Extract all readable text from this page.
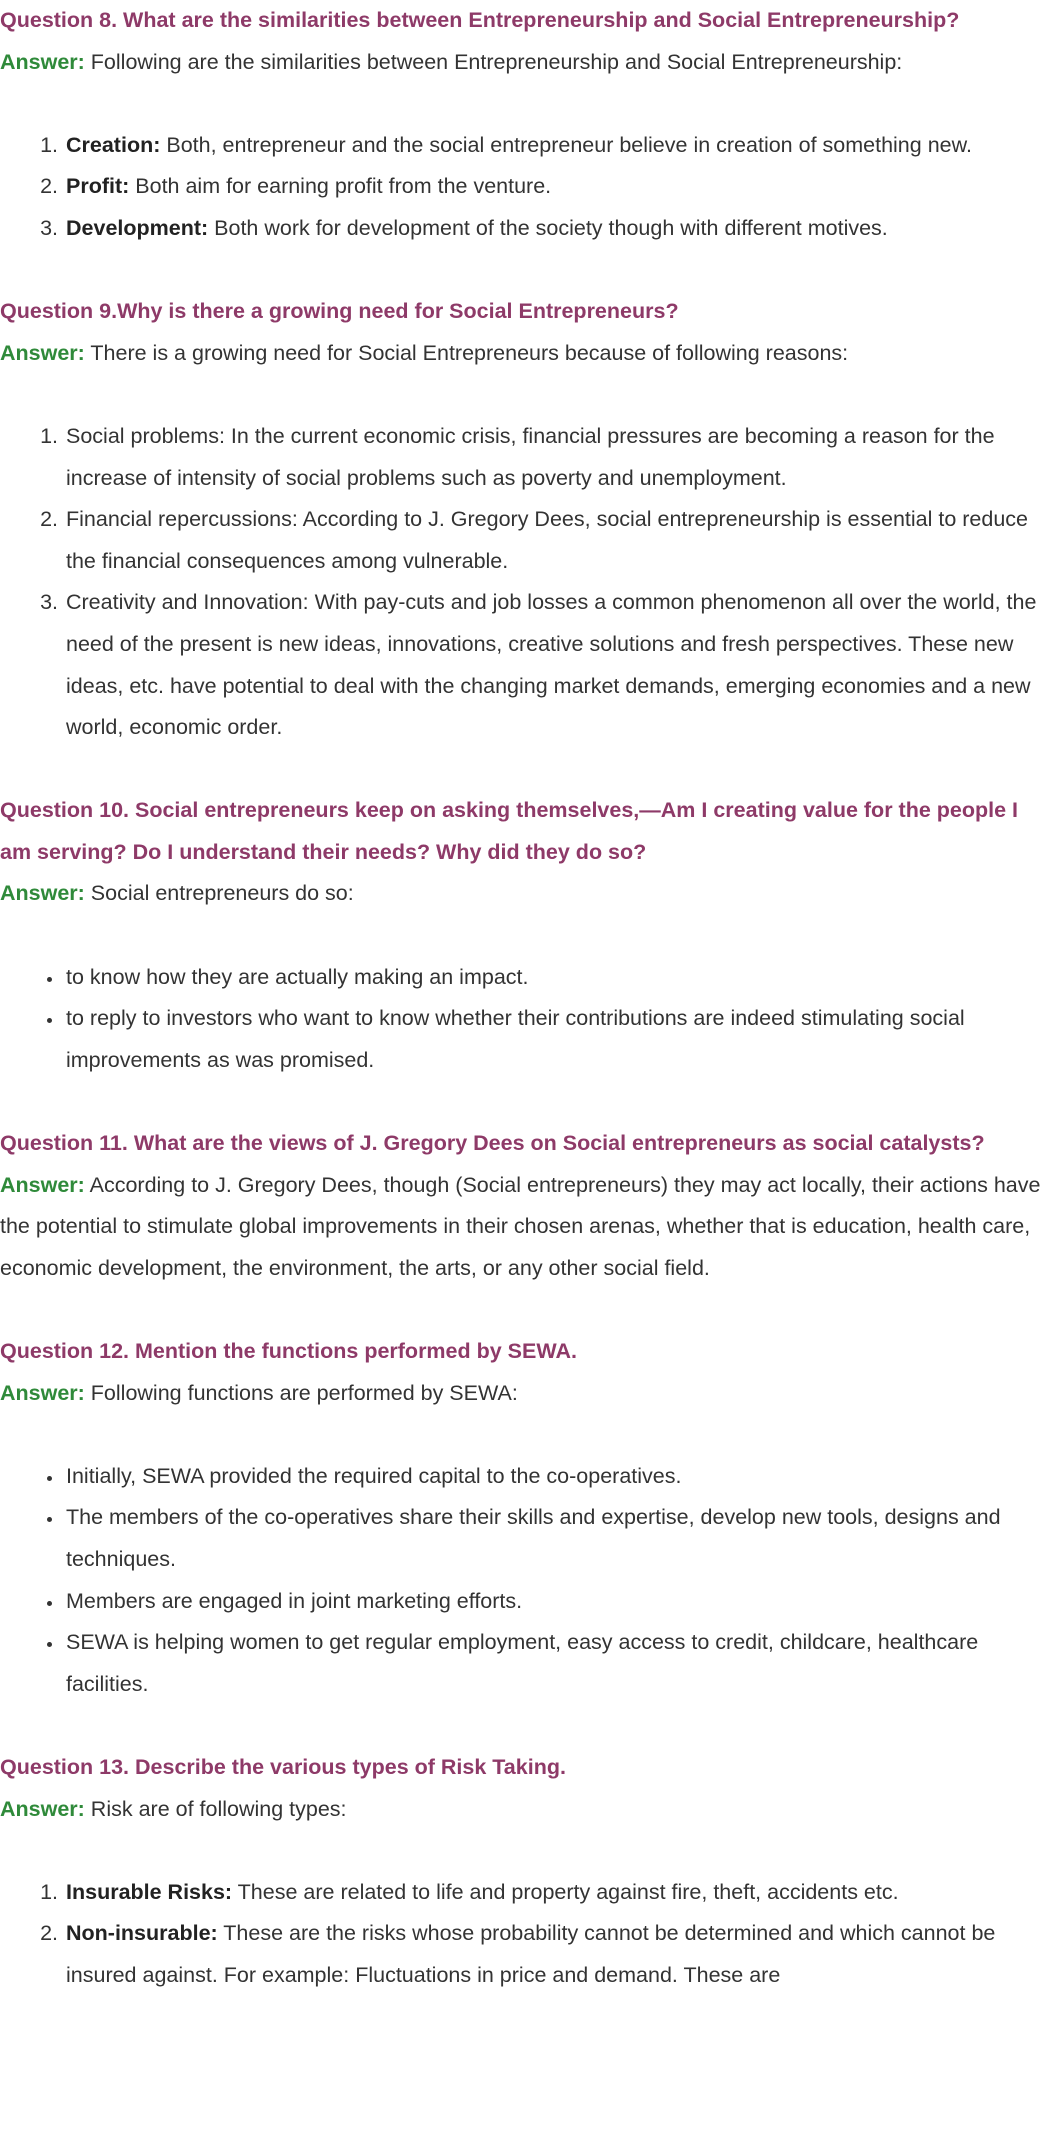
Question 8. What are the similarities between Entrepreneurship and Social Entrepreneurship?

Answer: Following are the similarities between Entrepreneurship and Social Entrepreneurship:

1. Creation: Both, entrepreneur and the social entrepreneur believe in creation of something new.
2. Profit: Both aim for earning profit from the venture.
3. Development: Both work for development of the society though with different motives.

Question 9.Why is there a growing need for Social Entrepreneurs?

Answer: There is a growing need for Social Entrepreneurs because of following reasons:

1. Social problems: In the current economic crisis, financial pressures are becoming a reason for the increase of intensity of social problems such as poverty and unemployment.
2. Financial repercussions: According to J. Gregory Dees, social entrepreneurship is essential to reduce the financial consequences among vulnerable.
3. Creativity and Innovation: With pay-cuts and job losses a common phenomenon all over the world, the need of the present is new ideas, innovations, creative solutions and fresh perspectives. These new ideas, etc. have potential to deal with the changing market demands, emerging economies and a new world, economic order.

Question 10. Social entrepreneurs keep on asking themselves,—Am I creating value for the people I am serving? Do I understand their needs? Why did they do so?

Answer: Social entrepreneurs do so:

• to know how they are actually making an impact.
• to reply to investors who want to know whether their contributions are indeed stimulating social improvements as was promised.

Question 11. What are the views of J. Gregory Dees on Social entrepreneurs as social catalysts?

Answer: According to J. Gregory Dees, though (Social entrepreneurs) they may act locally, their actions have the potential to stimulate global improvements in their chosen arenas, whether that is education, health care, economic development, the environment, the arts, or any other social field.

Question 12. Mention the functions performed by SEWA.

Answer: Following functions are performed by SEWA:

• Initially, SEWA provided the required capital to the co-operatives.
• The members of the co-operatives share their skills and expertise, develop new tools, designs and techniques.
• Members are engaged in joint marketing efforts.
• SEWA is helping women to get regular employment, easy access to credit, childcare, healthcare facilities.

Question 13. Describe the various types of Risk Taking.

Answer: Risk are of following types:

1. Insurable Risks: These are related to life and property against fire, theft, accidents etc.
2. Non-insurable: These are the risks whose probability cannot be determined and which cannot be insured against. For example: Fluctuations in price and demand. These are
